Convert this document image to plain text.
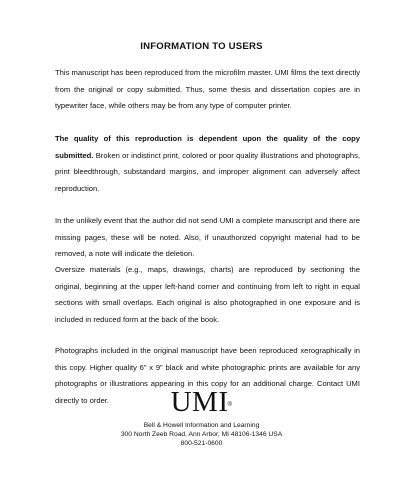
INFORMATION TO USERS

This manuscript has been reproduced from the microfilm master. UMI films the text directly from the original or copy submitted. Thus, some thesis and dissertation copies are in typewriter face, while others may be from any type of computer printer.

The quality of this reproduction is dependent upon the quality of the copy submitted. Broken or indistinct print, colored or poor quality illustrations and photographs, print bleedthrough, substandard margins, and improper alignment can adversely affect reproduction.

In the unlikely event that the author did not send UMI a complete manuscript and there are missing pages, these will be noted. Also, if unauthorized copyright material had to be removed, a note will indicate the deletion.

Oversize materials (e.g., maps, drawings, charts) are reproduced by sectioning the original, beginning at the upper left-hand corner and continuing from left to right in equal sections with small overlaps. Each original is also photographed in one exposure and is included in reduced form at the back of the book.

Photographs included in the original manuscript have been reproduced xerographically in this copy. Higher quality 6" x 9" black and white photographic prints are available for any photographs or illustrations appearing in this copy for an additional charge. Contact UMI directly to order.	UMI®
Bell & Howell Information and Learning
300 North Zeeb Road, Ann Arbor, MI 48106-1346 USA
800-521-0600
